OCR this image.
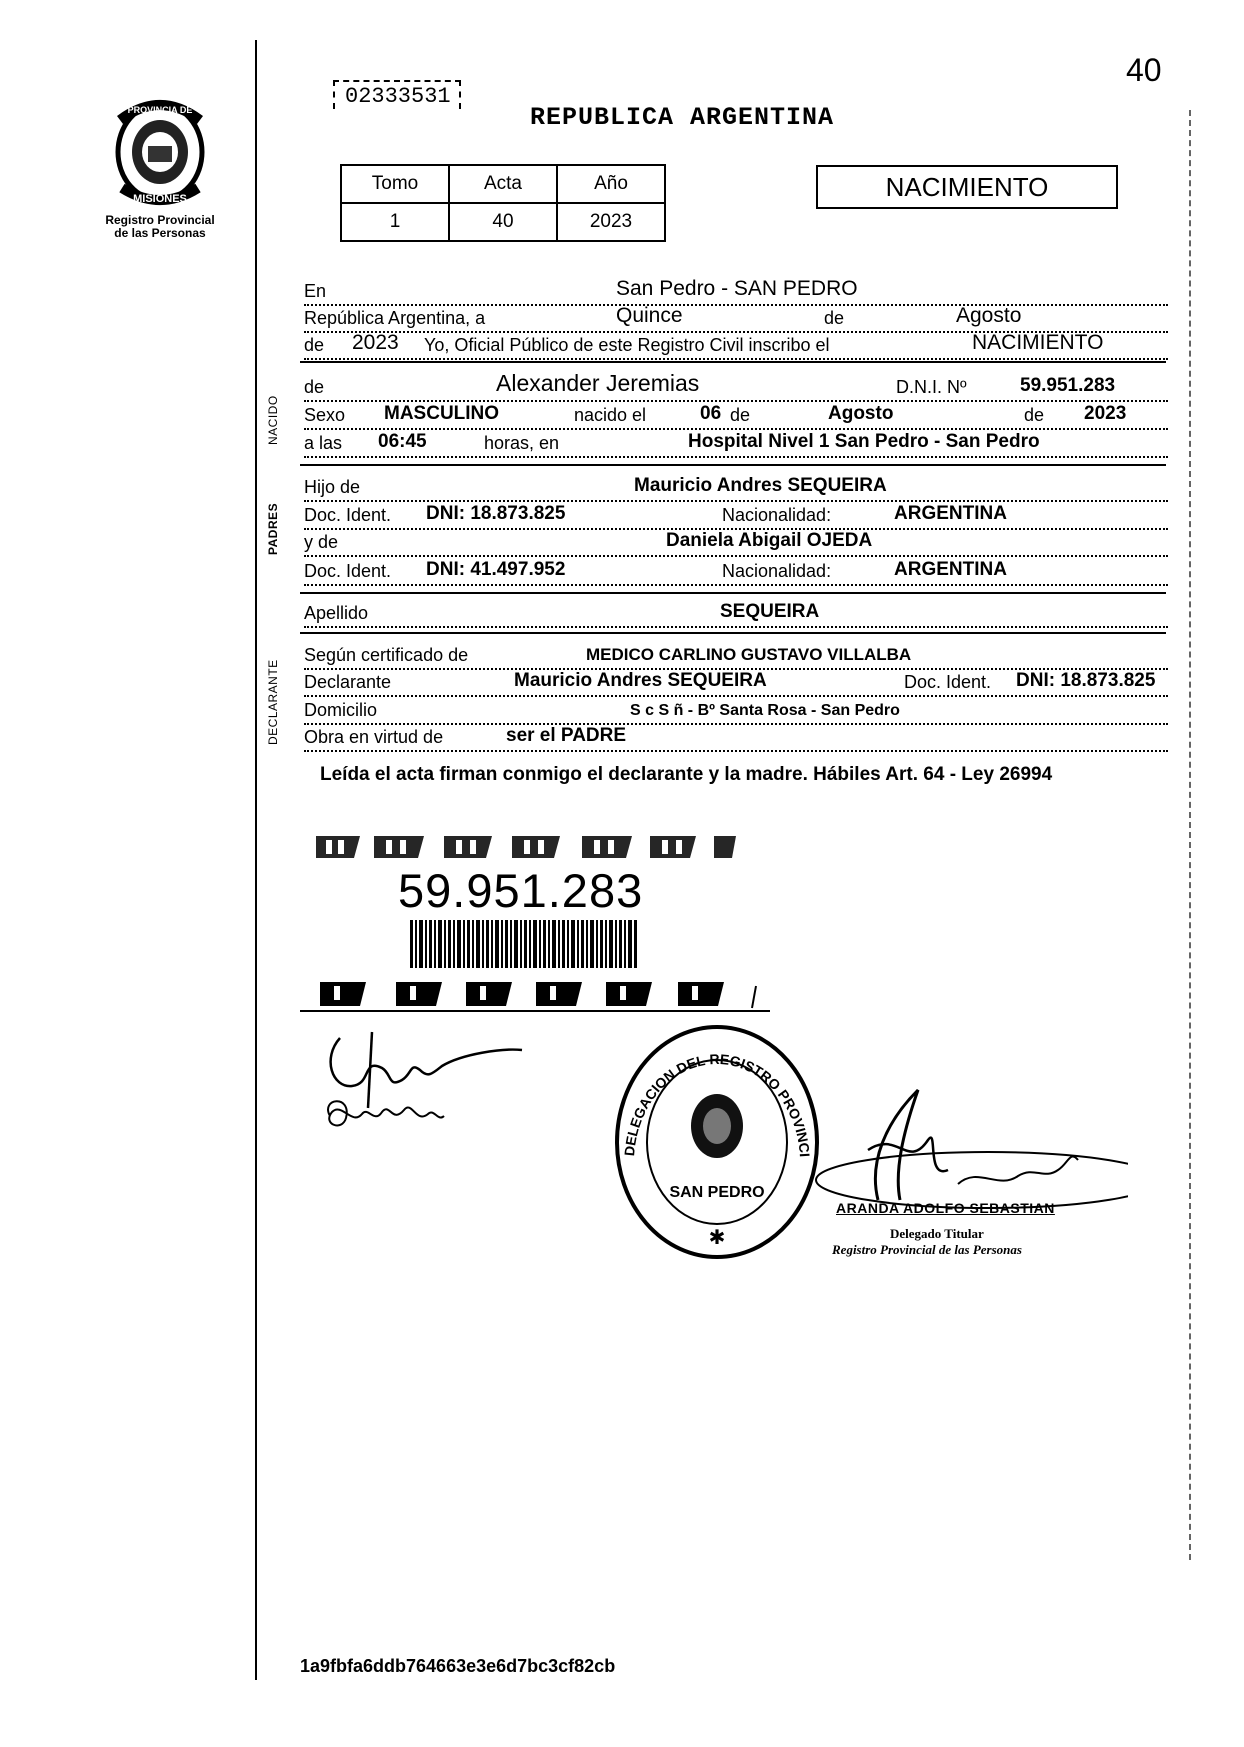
40
PROVINCIA DE
MISIONES
Registro Provincial
de las Personas
02333531
REPUBLICA ARGENTINA
Tomo	Acta	Año
1	40	2023
NACIMIENTO
En	San Pedro - SAN PEDRO
República Argentina, a	Quince	de	Agosto
de 2023 Yo, Oficial Público de este Registro Civil inscribo el	NACIMIENTO
NACIDO
de	Alexander Jeremias	D.N.I. Nº	59.951.283
Sexo MASCULINO	nacido el	06 de	Agosto	de 2023
a las 06:45	horas, en	Hospital Nivel 1 San Pedro - San Pedro
PADRES
Hijo de	Mauricio Andres SEQUEIRA
Doc. Ident. DNI: 18.873.825	Nacionalidad:	ARGENTINA
y de	Daniela Abigail OJEDA
Doc. Ident. DNI: 41.497.952	Nacionalidad:	ARGENTINA
Apellido	SEQUEIRA
DECLARANTE
Según certificado de	MEDICO CARLINO GUSTAVO VILLALBA
Declarante	Mauricio Andres SEQUEIRA	Doc. Ident. DNI: 18.873.825
Domicilio	S c S ñ - Bº Santa Rosa - San Pedro
Obra en virtud de	ser el PADRE
Leída el acta firman conmigo el declarante y la madre. Hábiles Art. 64 - Ley 26994
59.951.283
DELEGACION DEL REGISTRO PROVINCI
SAN PEDRO
✱
ARANDA ADOLFO SEBASTIAN
Delegado Titular
Registro Provincial de las Personas
1a9fbfa6ddb764663e3e6d7bc3cf82cb
